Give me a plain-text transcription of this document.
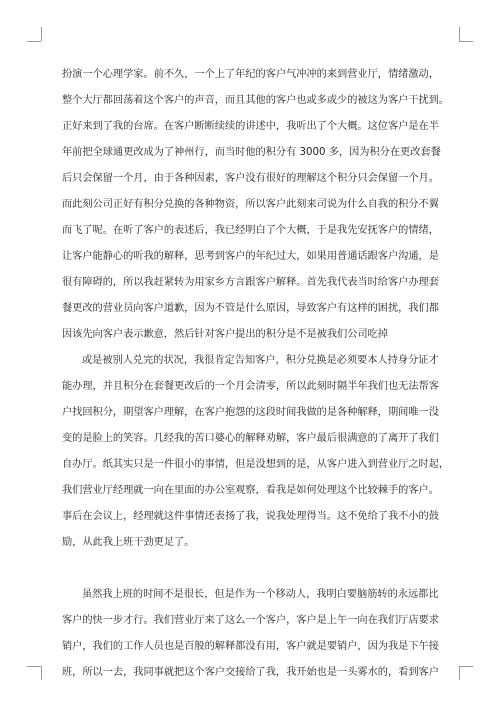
扮演一个心理学家。前不久，一个上了年纪的客户气冲冲的来到营业厅，情绪激动，
整个大厅都回荡着这个客户的声音，而且其他的客户也或多或少的被这为客户干扰到。
正好来到了我的台席。在客户断断续续的讲述中，我听出了个大概。这位客户是在半
年前把全球通更改成为了神州行，而当时他的积分有 3000 多，因为积分在更改套餐
后只会保留一个月，由于各种因素，客户没有很好的理解这个积分只会保留一个月。
而此刻公司正好有积分兑换的各种物资，所以客户此刻来司说为什么自我的积分不翼
而飞了呢。在听了客户的表述后，我已经明白了个大概，于是我先安抚客户的情绪，
让客户能静心的听我的解释，思考到客户的年纪过大，如果用普通话跟客户沟通，是
很有障碍的，所以我赶紧转为用家乡方言跟客户解释。首先我代表当时给客户办理套
餐更改的营业员向客户道歉，因为不管是什么原因，导致客户有这样的困扰，我们都
因该先向客户表示歉意，然后针对客户提出的积分是不是被我们公司吃掉
或是被别人兑完的状况，我很肯定告知客户，积分兑换是必须要本人持身分证才
能办理，并且积分在套餐更改后的一个月会清零，所以此刻时隔半年我们也无法帮客
户找回积分，期望客户理解，在客户抱怨的这段时间我做的是各种解释，期间唯一没
变的是脸上的笑容。几经我的苦口婆心的解释劝解，客户最后很满意的了离开了我们
自办厅。纸其实只是一件很小的事情，但是没想到的是，从客户进入到营业厅之时起，
我们营业厅经理就一向在里面的办公室观察，看我是如何处理这个比较棘手的客户。
事后在会议上，经理就这件事情还表扬了我，说我处理得当。这不免给了我不小的鼓
励，从此我上班干劲更足了。
虽然我上班的时间不是很长，但是作为一个移动人，我明白要脑筋转的永远都比
客户的快一步才行。我们营业厅来了这么一个客户，客户是上午一向在我们厅店要求
销户，我们的工作人员也是百般的解释都没有用，客户就是要销户，因为我是下午接
班，所以一去，我同事就把这个客户交接给了我，我开始也是一头雾水的，看到客户
